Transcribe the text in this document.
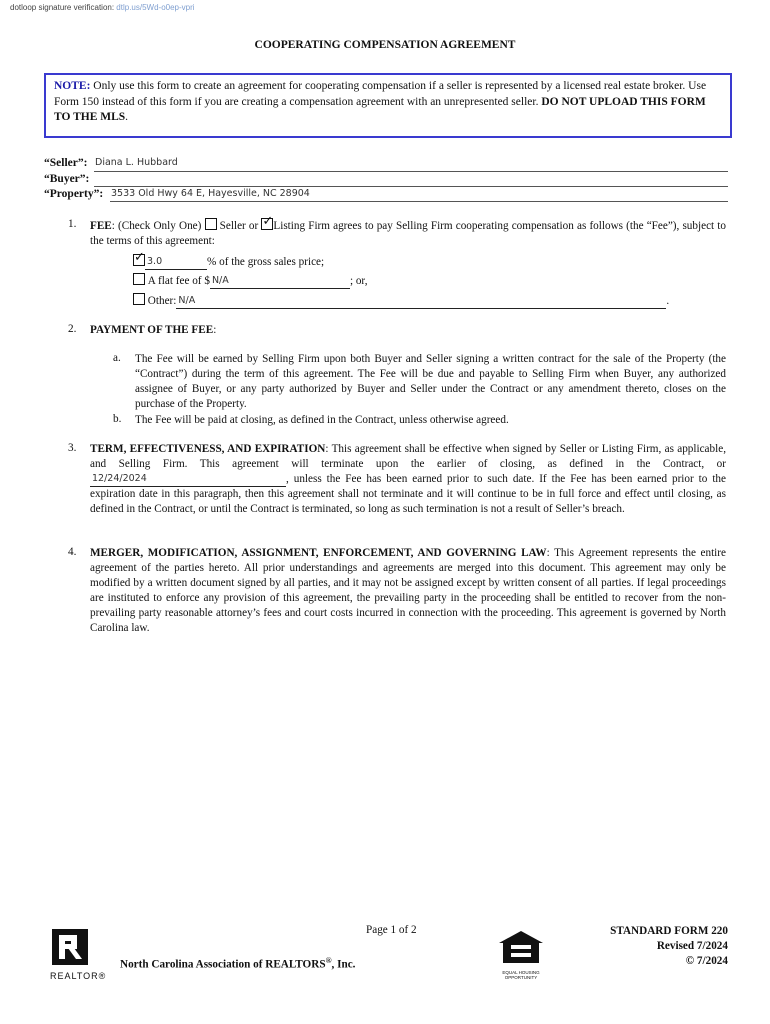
dotloop signature verification: dtlp.us/5Wd-o0ep-vpri
COOPERATING COMPENSATION AGREEMENT
NOTE: Only use this form to create an agreement for cooperating compensation if a seller is represented by a licensed real estate broker. Use Form 150 instead of this form if you are creating a compensation agreement with an unrepresented seller. DO NOT UPLOAD THIS FORM TO THE MLS.
“Seller”: Diana L. Hubbard
“Buyer”:
“Property”: 3533 Old Hwy 64 E, Hayesville, NC 28904
1. FEE: (Check Only One)  Seller or ✓ Listing Firm agrees to pay Selling Firm cooperating compensation as follows (the “Fee”), subject to the terms of this agreement:
✓ 3.0	% of the gross sales price;
A flat fee of $ N/A	; or,
Other: N/A	.
2. PAYMENT OF THE FEE:
a. The Fee will be earned by Selling Firm upon both Buyer and Seller signing a written contract for the sale of the Property (the “Contract”) during the term of this agreement. The Fee will be due and payable to Selling Firm when Buyer, any authorized assignee of Buyer, or any party authorized by Buyer and Seller under the Contract or any amendment thereto, closes on the purchase of the Property.
b. The Fee will be paid at closing, as defined in the Contract, unless otherwise agreed.
3. TERM, EFFECTIVENESS, AND EXPIRATION: This agreement shall be effective when signed by Seller or Listing Firm, as applicable, and Selling Firm. This agreement will terminate upon the earlier of closing, as defined in the Contract, or
12/24/2024	, unless the Fee has been earned prior to such date. If the Fee has been earned prior to the expiration date in this paragraph, then this agreement shall not terminate and it will continue to be in full force and effect until closing, as defined in the Contract, or until the Contract is terminated, so long as such termination is not a result of Seller’s breach.
4. MERGER, MODIFICATION, ASSIGNMENT, ENFORCEMENT, AND GOVERNING LAW: This Agreement represents the entire agreement of the parties hereto. All prior understandings and agreements are merged into this document. This agreement may only be modified by a written document signed by all parties, and it may not be assigned except by written consent of all parties. If legal proceedings are instituted to enforce any provision of this agreement, the prevailing party in the proceeding shall be entitled to recover from the non-prevailing party reasonable attorney’s fees and court costs incurred in connection with the proceeding. This agreement is governed by North Carolina law.
Page 1 of 2
REALTOR®
North Carolina Association of REALTORS®, Inc.
EQUAL HOUSING OPPORTUNITY
STANDARD FORM 220
Revised 7/2024
© 7/2024
